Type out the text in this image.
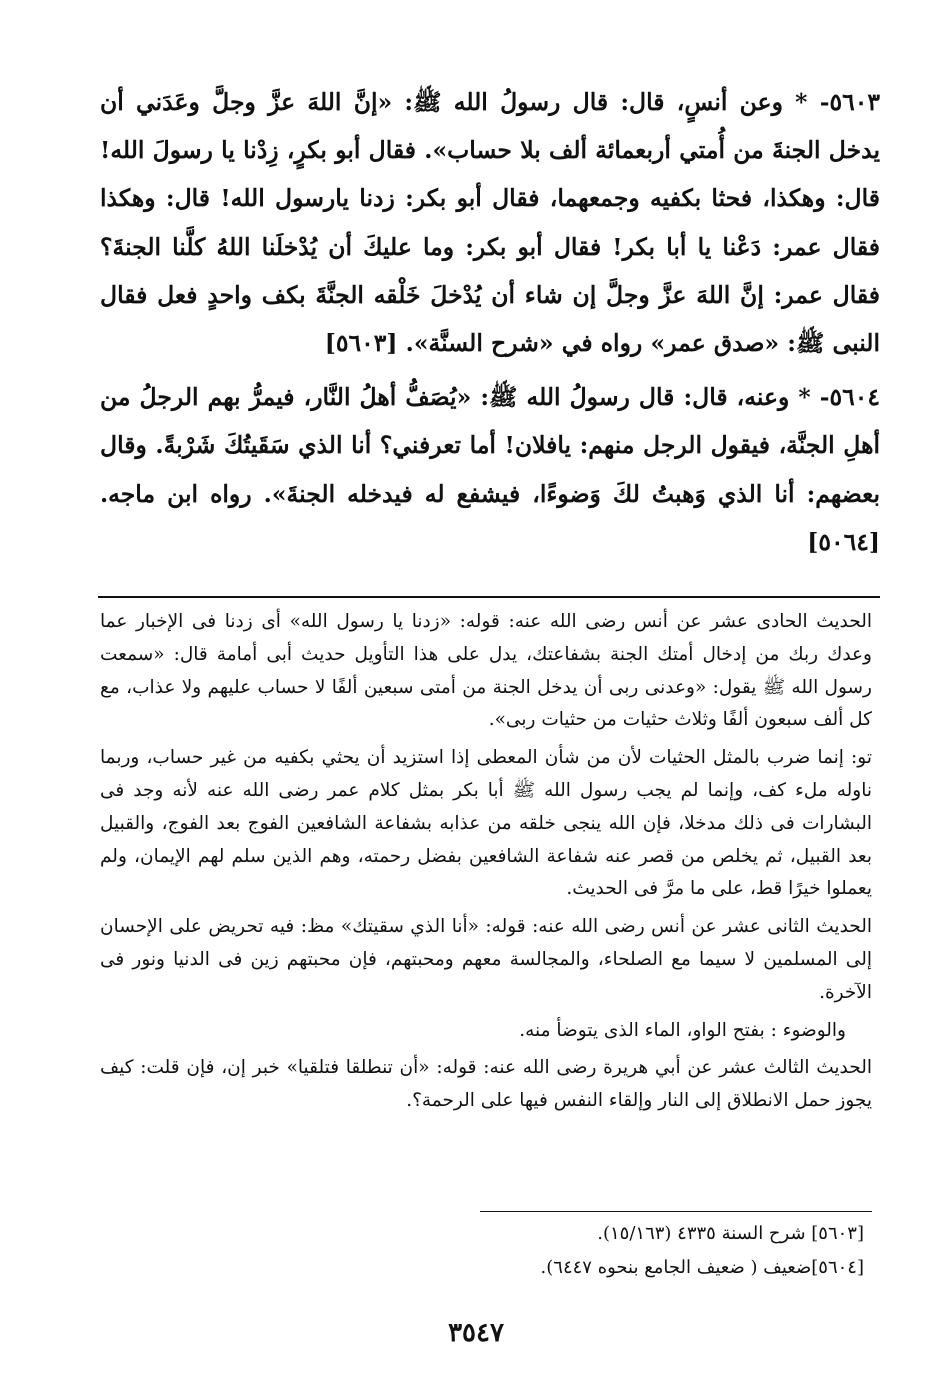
٥٦٠٣- * وعن أنسٍ، قال: قال رسولُ الله ﷺ: «إنَّ اللهَ عزَّ وجلَّ وعَدَني أن يدخل الجنةَ من أُمتي أربعمائة ألف بلا حساب». فقال أبو بكرٍ، زِدْنا يا رسولَ الله! قال: وهكذا، فحثا بكفيه وجمعهما، فقال أبو بكر: زدنا يارسول الله! قال: وهكذا فقال عمر: دَعْنا يا أبا بكر! فقال أبو بكر: وما عليكَ أن يُدْخلَنا اللهُ كلَّنا الجنةَ؟ فقال عمر: إنَّ اللهَ عزَّ وجلَّ إن شاء أن يُدْخلَ خَلْقه الجنَّةَ بكف واحدٍ فعل فقال النبى ﷺ: «صدق عمر» رواه في «شرح السنَّة». [٥٦٠٣]

٥٦٠٤- * وعنه، قال: قال رسولُ الله ﷺ: «يُصَفُّ أهلُ النَّار، فيمرُّ بهم الرجلُ من أهلِ الجنَّة، فيقول الرجل منهم: يافلان! أما تعرفني؟ أنا الذي سَقَيتُكَ شَرْبةً. وقال بعضهم: أنا الذي وَهبتُ لكَ وَضوءًا، فيشفع له فيدخله الجنةَ». رواه ابن ماجه. [٥٠٦٤]

الحديث الحادى عشر عن أنس رضى الله عنه: قوله: «زدنا يا رسول الله» أى زدنا فى الإخبار عما وعدك ربك من إدخال أمتك الجنة بشفاعتك، يدل على هذا التأويل حديث أبى أمامة قال: «سمعت رسول الله ﷺ يقول: «وعدنى ربى أن يدخل الجنة من أمتى سبعين ألفًا لا حساب عليهم ولا عذاب، مع كل ألف سبعون ألفًا وثلاث حثيات من حثيات ربى».

تو: إنما ضرب بالمثل الحثيات لأن من شأن المعطى إذا استزيد أن يحثي بكفيه من غير حساب، وربما ناوله ملء كف، وإنما لم يجب رسول الله ﷺ أبا بكر بمثل كلام عمر رضى الله عنه لأنه وجد فى البشارات فى ذلك مدخلا، فإن الله ينجى خلقه من عذابه بشفاعة الشافعين الفوج بعد الفوج، والقبيل بعد القبيل، ثم يخلص من قصر عنه شفاعة الشافعين بفضل رحمته، وهم الذين سلم لهم الإيمان، ولم يعملوا خيرًا قط، على ما مرَّ فى الحديث.

الحديث الثانى عشر عن أنس رضى الله عنه: قوله: «أنا الذي سقيتك» مظ: فيه تحريض على الإحسان إلى المسلمين لا سيما مع الصلحاء، والمجالسة معهم ومحبتهم، فإن محبتهم زين فى الدنيا ونور فى الآخرة.

والوضوء : بفتح الواو، الماء الذى يتوضأ منه.

الحديث الثالث عشر عن أبي هريرة رضى الله عنه: قوله: «أن تنطلقا فتلقيا» خبر إن، فإن قلت: كيف يجوز حمل الانطلاق إلى النار وإلقاء النفس فيها على الرحمة؟.

[٥٦٠٣] شرح السنة ٤٣٣٥ (١٥/١٦٣).

[٥٦٠٤]ضعيف ( ضعيف الجامع بنحوه ٦٤٤٧).

٣٥٤٧
